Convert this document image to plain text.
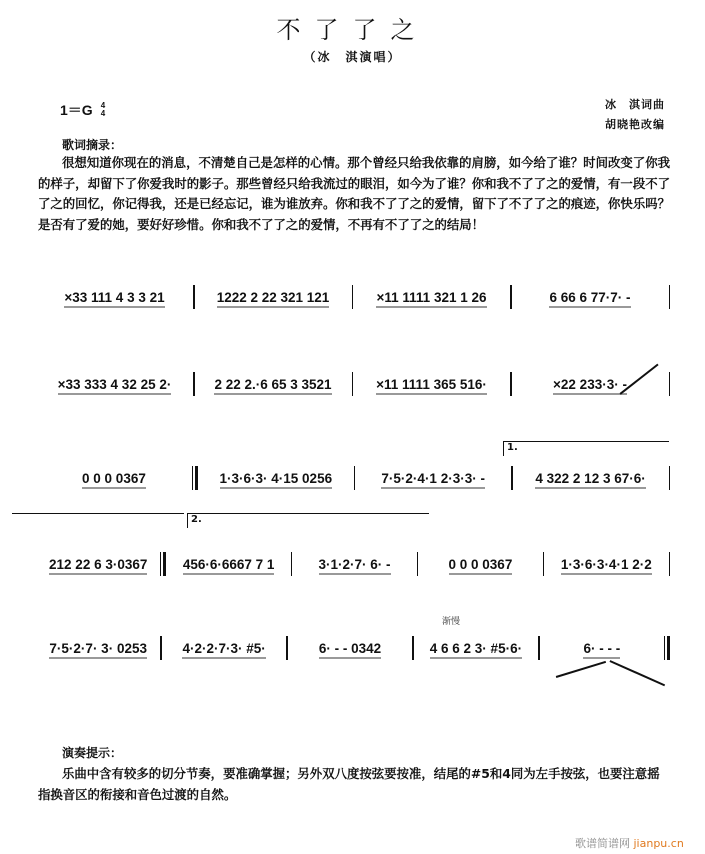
不了了之
（冰　淇演唱）
1＝G 4
4
冰　淇词曲
胡晓艳改编
歌词摘录：
很想知道你现在的消息，不清楚自己是怎样的心情。那个曾经只给我依靠的肩膀，如今给了谁？时间改变了你我的样子，却留下了你爱我时的影子。那些曾经只给我流过的眼泪，如今为了谁？你和我不了了之的爱情，有一段不了了之的回忆，你记得我，还是已经忘记，谁为谁放弃。你和我不了了之的爱情，留下了不了了之的痕迹，你快乐吗？是否有了爱的她，要好好珍惜。你和我不了了之的爱情，不再有不了了之的结局！
×33 111 4 3 3 21	1222 2 22 321 121	×11 1111 321 1 26	6 66 6 77·7· -
×33 333 4 32 25 2·	2 22 2.·6 65 3 3521	×11 1111 365 516·	×22 233·3· -
0 0 0 0367	1·3·6·3· 4·15 0256	7·5·2·4·1 2·3·3· -	4 322 2 12 3 67·6·
212 22 6 3·0367	456·6·6667 7 1	3·1·2·7· 6· -	0 0 0 0367	1·3·6·3·4·1 2·2
7·5·2·7· 3· 0253	4·2·2·7·3· #5·	6· - - 0342	4 6 6 2 3· #5·6·	6· - - -
1.
2.
渐慢
演奏提示：
乐曲中含有较多的切分节奏，要准确掌握；另外双八度按弦要按准，结尾的#5和4同为左手按弦，也要注意摇指换音区的衔接和音色过渡的自然。
歌谱简谱网 jianpu.cn
